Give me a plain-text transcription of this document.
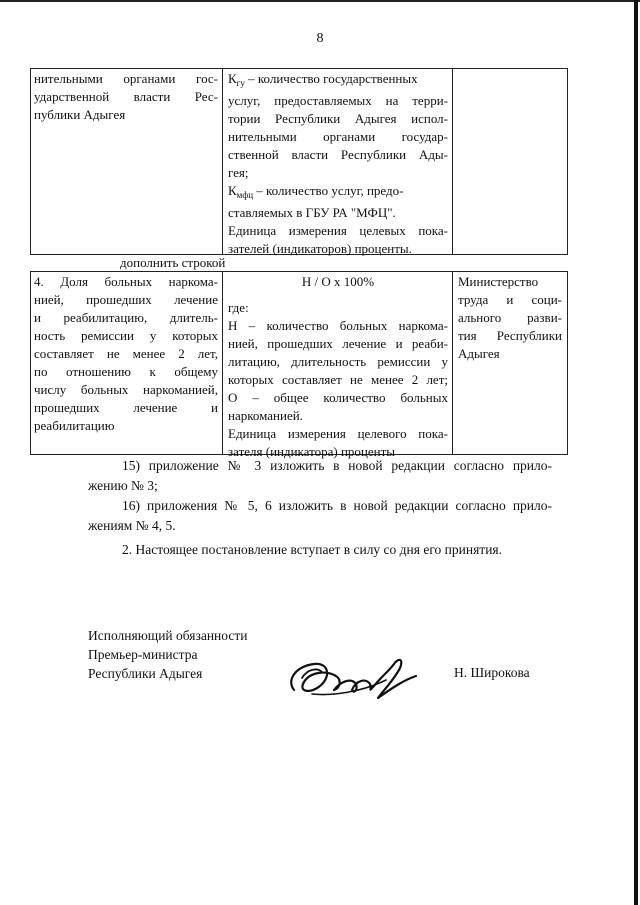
8
нительными органами гос-
ударственной власти Рес-
публики Адыгея
$К_{гу}$ – количество государственных
услуг, предоставляемых на терри-
тории Республики Адыгея испол-
нительными органами государ-
ственной власти Республики Ады-
гея;
$К_{мфц}$ – количество услуг, предо-
ставляемых в ГБУ РА "МФЦ".
Единица измерения целевых пока-
зателей (индикаторов) проценты.
дополнить строкой
4. Доля больных наркома-
нией, прошедших лечение
и реабилитацию, длитель-
ность ремиссии у которых
составляет не менее 2 лет,
по отношению к общему
числу больных наркоманией,
прошедших лечение и
реабилитацию
Н / О х 100%
где:
Н – количество больных наркома-
нией, прошедших лечение и реаби-
литацию, длительность ремиссии у
которых составляет не менее 2 лет;
О – общее количество больных
наркоманией.
Единица измерения целевого пока-
зателя (индикатора) проценты
Министерство
труда и соци-
ального разви-
тия Республики
Адыгея
15) приложение № 3 изложить в новой редакции согласно прило-
жению № 3;
16) приложения № 5, 6 изложить в новой редакции согласно прило-
жениям № 4, 5.
2. Настоящее постановление вступает в силу со дня его принятия.
Исполняющий обязанности
Премьер-министра
Республики Адыгея	Н. Широкова
